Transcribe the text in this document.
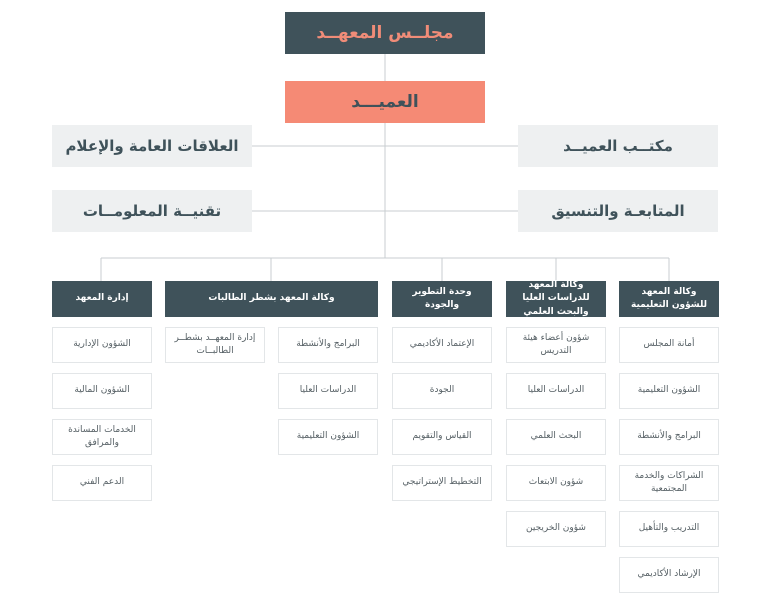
مجلــس المعهــد
العميـــد
العلاقات العامة والإعلام
تقنيــة المعلومــات
مكتــب العميــد
المتابعـة والتنسيق
وكالة المعهد للشؤون التعليمية
وكالة المعهد للدراسات العليا والبحث العلمي
وحدة التطوير والجودة
وكالة المعهد بشطر الطالبات
إدارة المعهد
أمانة المجلس
الشؤون التعليمية
البرامج والأنشطة
الشراكات والخدمة المجتمعية
التدريب والتأهيل
الإرشاد الأكاديمي
شؤون أعضاء هيئة التدريس
الدراسات العليا
البحث العلمي
شؤون الابتعاث
شؤون الخريجين
الإعتماد الأكاديمي
الجودة
القياس والتقويم
التخطيط الإستراتيجي
البرامج والأنشطة
الدراسات العليا
الشؤون التعليمية
إدارة المعهــد بشطــر الطالبــات
الشؤون الإدارية
الشؤون المالية
الخدمات المساندة والمرافق
الدعم الفني
